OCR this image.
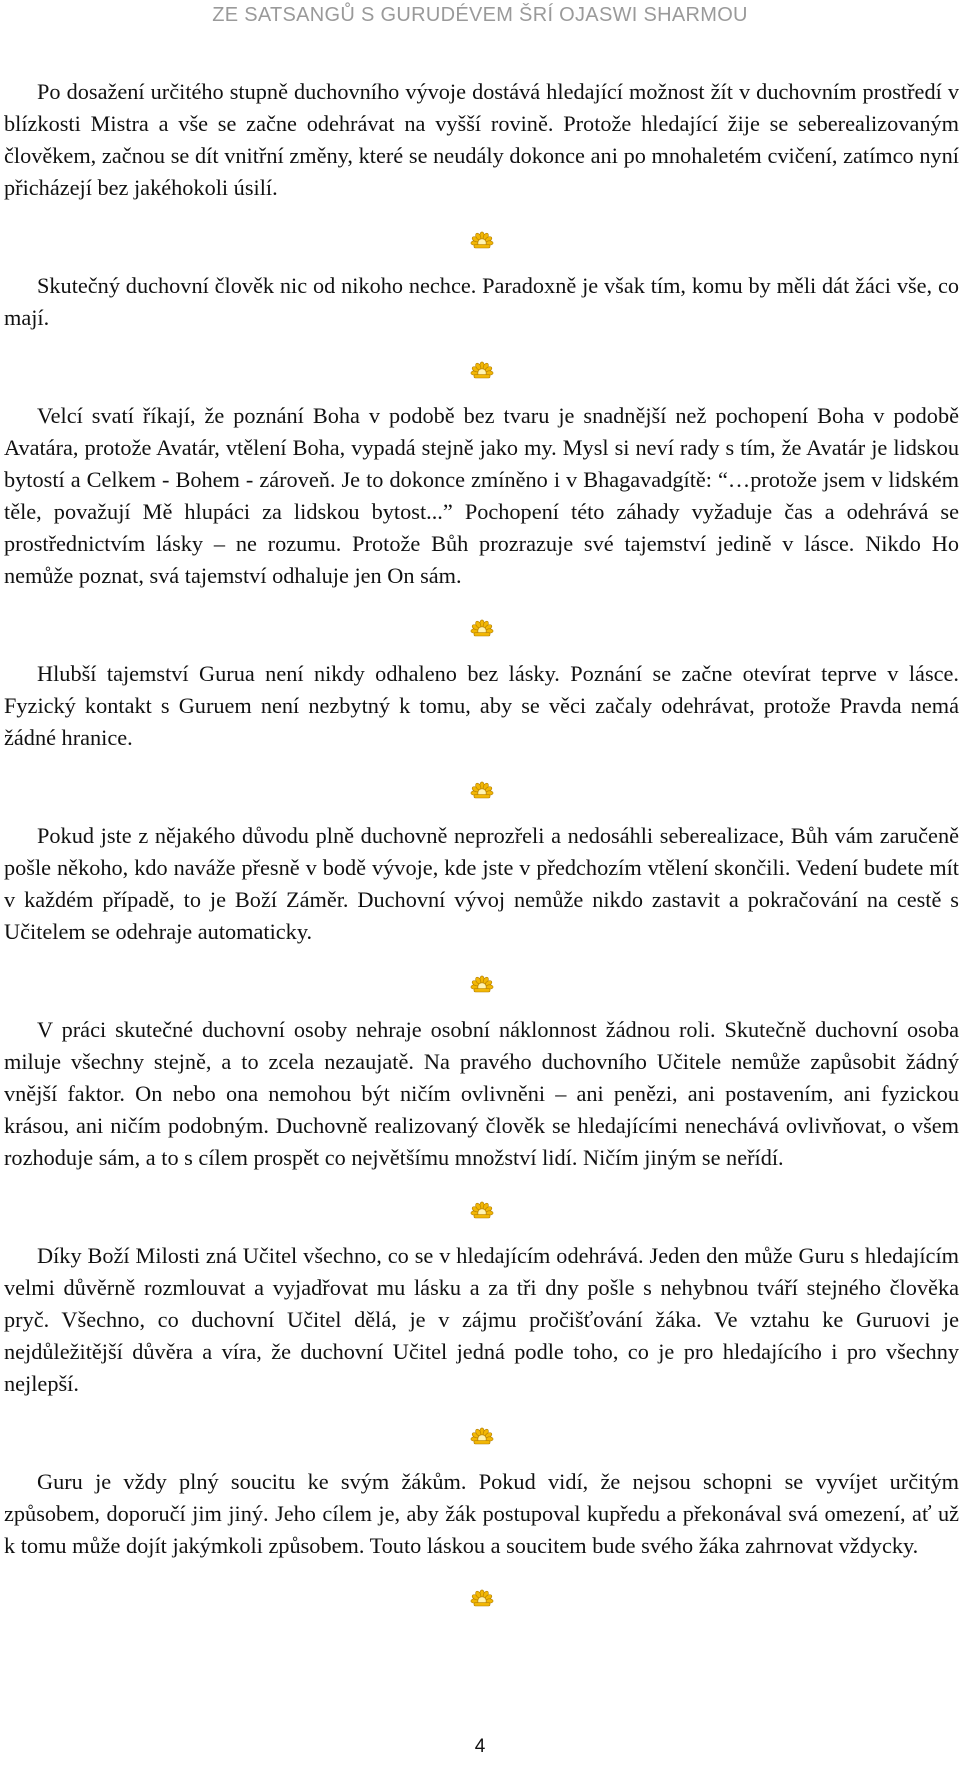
ZE SATSANGŮ S GURUDÉVEM ŠRÍ OJASWI SHARMOU

Po dosažení určitého stupně duchovního vývoje dostává hledající možnost žít v duchovním prostředí v blízkosti Mistra a vše se začne odehrávat na vyšší rovině. Protože hledající žije se seberealizovaným člověkem, začnou se dít vnitřní změny, které se neudály dokonce ani po mnohaletém cvičení, zatímco nyní přicházejí bez jakéhokoli úsilí.

Skutečný duchovní člověk nic od nikoho nechce. Paradoxně je však tím, komu by měli dát žáci vše, co mají.

Velcí svatí říkají, že poznání Boha v podobě bez tvaru je snadnější než pochopení Boha v podobě Avatára, protože Avatár, vtělení Boha, vypadá stejně jako my. Mysl si neví rady s tím, že Avatár je lidskou bytostí a Celkem - Bohem - zároveň. Je to dokonce zmíněno i v Bhagavadgítě: “…protože jsem v lidském těle, považují Mě hlupáci za lidskou bytost...” Pochopení této záhady vyžaduje čas a odehrává se prostřednictvím lásky – ne rozumu. Protože Bůh prozrazuje své tajemství jedině v lásce. Nikdo Ho nemůže poznat, svá tajemství odhaluje jen On sám.

Hlubší tajemství Gurua není nikdy odhaleno bez lásky. Poznání se začne otevírat teprve v lásce. Fyzický kontakt s Guruem není nezbytný k tomu, aby se věci začaly odehrávat, protože Pravda nemá žádné hranice.

Pokud jste z nějakého důvodu plně duchovně neprozřeli a nedosáhli seberealizace, Bůh vám zaručeně pošle někoho, kdo naváže přesně v bodě vývoje, kde jste v předchozím vtělení skončili. Vedení budete mít v každém případě, to je Boží Záměr. Duchovní vývoj nemůže nikdo zastavit a pokračování na cestě s Učitelem se odehraje automaticky.

V práci skutečné duchovní osoby nehraje osobní náklonnost žádnou roli. Skutečně duchovní osoba miluje všechny stejně, a to zcela nezaujatě. Na pravého duchovního Učitele nemůže zapůsobit žádný vnější faktor. On nebo ona nemohou být ničím ovlivněni – ani penězi, ani postavením, ani fyzickou krásou, ani ničím podobným. Duchovně realizovaný člověk se hledajícími nenechává ovlivňovat, o všem rozhoduje sám, a to s cílem prospět co největšímu množství lidí. Ničím jiným se neřídí.

Díky Boží Milosti zná Učitel všechno, co se v hledajícím odehrává. Jeden den může Guru s hledajícím velmi důvěrně rozmlouvat a vyjadřovat mu lásku a za tři dny pošle s nehybnou tváří stejného člověka pryč. Všechno, co duchovní Učitel dělá, je v zájmu pročišťování žáka. Ve vztahu ke Guruovi je nejdůležitější důvěra a víra, že duchovní Učitel jedná podle toho, co je pro hledajícího i pro všechny nejlepší.

Guru je vždy plný soucitu ke svým žákům. Pokud vidí, že nejsou schopni se vyvíjet určitým způsobem, doporučí jim jiný. Jeho cílem je, aby žák postupoval kupředu a překonával svá omezení, ať už k tomu může dojít jakýmkoli způsobem. Touto láskou a soucitem bude svého žáka zahrnovat vždycky.

4
